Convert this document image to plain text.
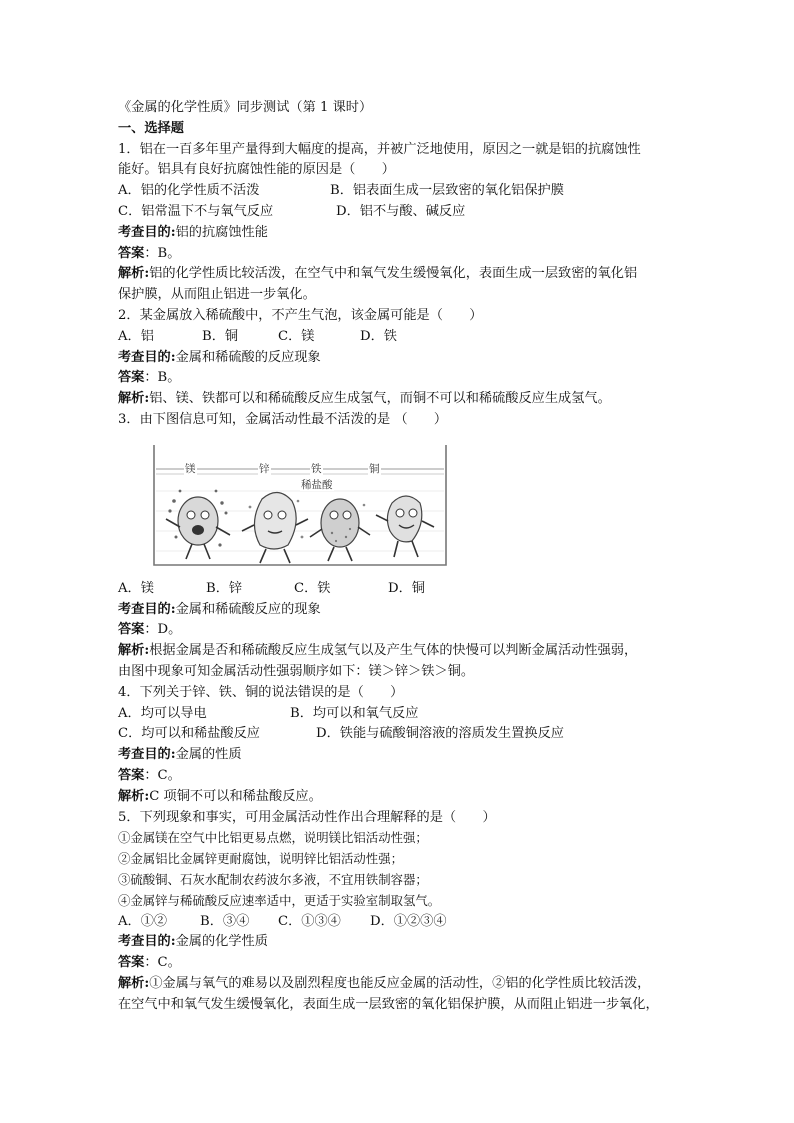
《金属的化学性质》同步测试（第 1 课时）
一、选择题
1．铝在一百多年里产量得到大幅度的提高，并被广泛地使用，原因之一就是铝的抗腐蚀性
能好。铝具有良好抗腐蚀性能的原因是（　　）
A．铝的化学性质不活泼	B．铝表面生成一层致密的氧化铝保护膜
C．铝常温下不与氧气反应	D．铝不与酸、碱反应
考查目的:铝的抗腐蚀性能
答案：B。
解析:铝的化学性质比较活泼，在空气中和氧气发生缓慢氧化，表面生成一层致密的氧化铝
保护膜，从而阻止铝进一步氧化。
2．某金属放入稀硫酸中，不产生气泡，该金属可能是（　　）
A．铝	B．铜	C．镁	D．铁
考查目的:金属和稀硫酸的反应现象
答案：B。
解析:铝、镁、铁都可以和稀硫酸反应生成氢气，而铜不可以和稀硫酸反应生成氢气。
3．由下图信息可知，金属活动性最不活泼的是 （　　）
镁	锌	铁	铜
稀盐酸
A．镁	B．锌	C．铁	D．铜
考查目的:金属和稀硫酸反应的现象
答案：D。
解析:根据金属是否和稀硫酸反应生成氢气以及产生气体的快慢可以判断金属活动性强弱，
由图中现象可知金属活动性强弱顺序如下：镁＞锌＞铁＞铜。
4．下列关于锌、铁、铜的说法错误的是（　　）
A．均可以导电	B．均可以和氧气反应
C．均可以和稀盐酸反应	D．铁能与硫酸铜溶液的溶质发生置换反应
考查目的:金属的性质
答案：C。
解析:C 项铜不可以和稀盐酸反应。
5．下列现象和事实，可用金属活动性作出合理解释的是（　　）
①金属镁在空气中比铝更易点燃，说明镁比铝活动性强；
②金属铝比金属锌更耐腐蚀，说明锌比铝活动性强；
③硫酸铜、石灰水配制农药波尔多液，不宜用铁制容器；
④金属锌与稀硫酸反应速率适中，更适于实验室制取氢气。
A．①② B．③④ C．①③④ D．①②③④
考查目的:金属的化学性质
答案：C。
解析:①金属与氧气的难易以及剧烈程度也能反应金属的活动性，②铝的化学性质比较活泼，
在空气中和氧气发生缓慢氧化，表面生成一层致密的氧化铝保护膜，从而阻止铝进一步氧化，
